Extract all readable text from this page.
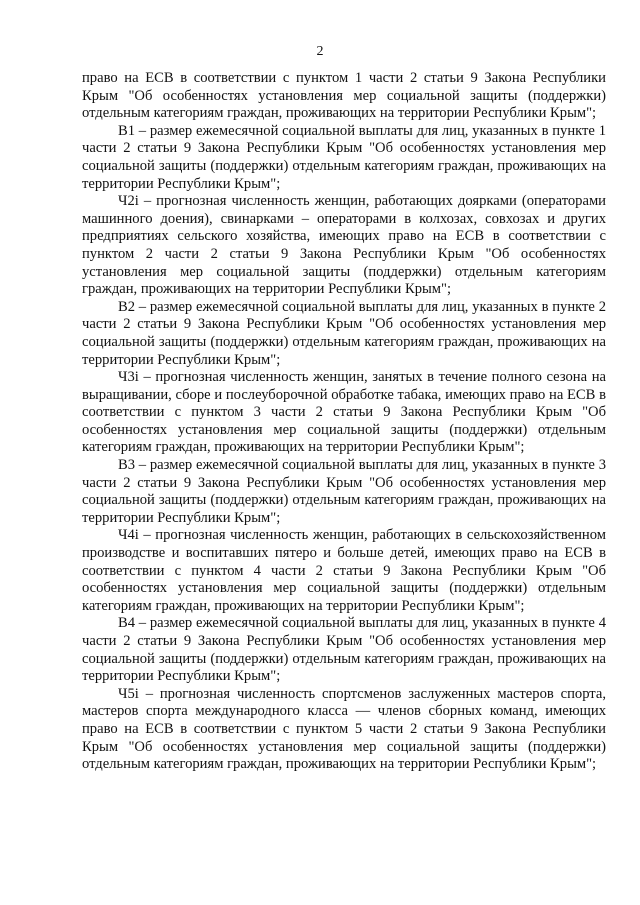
2

право на ЕСВ в соответствии с пунктом 1 части 2 статьи 9 Закона Республики Крым "Об особенностях установления мер социальной защиты (поддержки) отдельным категориям граждан, проживающих на территории Республики Крым";

В1 – размер ежемесячной социальной выплаты для лиц, указанных в пункте 1 части 2 статьи 9 Закона Республики Крым "Об особенностях установления мер социальной защиты (поддержки) отдельным категориям граждан, проживающих на территории Республики Крым";

Ч2i – прогнозная численность женщин, работающих доярками (операторами машинного доения), свинарками – операторами в колхозах, совхозах и других предприятиях сельского хозяйства, имеющих право на ЕСВ в соответствии с пунктом 2 части 2 статьи 9 Закона Республики Крым "Об особенностях установления мер социальной защиты (поддержки) отдельным категориям граждан, проживающих на территории Республики Крым";

В2 – размер ежемесячной социальной выплаты для лиц, указанных в пункте 2 части 2 статьи 9 Закона Республики Крым "Об особенностях установления мер социальной защиты (поддержки) отдельным категориям граждан, проживающих на территории Республики Крым";

Ч3i – прогнозная численность женщин, занятых в течение полного сезона на выращивании, сборе и послеуборочной обработке табака, имеющих право на ЕСВ в соответствии с пунктом 3 части 2 статьи 9 Закона Республики Крым "Об особенностях установления мер социальной защиты (поддержки) отдельным категориям граждан, проживающих на территории Республики Крым";

В3 – размер ежемесячной социальной выплаты для лиц, указанных в пункте 3 части 2 статьи 9 Закона Республики Крым "Об особенностях установления мер социальной защиты (поддержки) отдельным категориям граждан, проживающих на территории Республики Крым";

Ч4i – прогнозная численность женщин, работающих в сельскохозяйственном производстве и воспитавших пятеро и больше детей, имеющих право на ЕСВ в соответствии с пунктом 4 части 2 статьи 9 Закона Республики Крым "Об особенностях установления мер социальной защиты (поддержки) отдельным категориям граждан, проживающих на территории Республики Крым";

В4 – размер ежемесячной социальной выплаты для лиц, указанных в пункте 4 части 2 статьи 9 Закона Республики Крым "Об особенностях установления мер социальной защиты (поддержки) отдельным категориям граждан, проживающих на территории Республики Крым";

Ч5i – прогнозная численность спортсменов заслуженных мастеров спорта, мастеров спорта международного класса — членов сборных команд, имеющих право на ЕСВ в соответствии с пунктом 5 части 2 статьи 9 Закона Республики Крым "Об особенностях установления мер социальной защиты (поддержки) отдельным категориям граждан, проживающих на территории Республики Крым";
